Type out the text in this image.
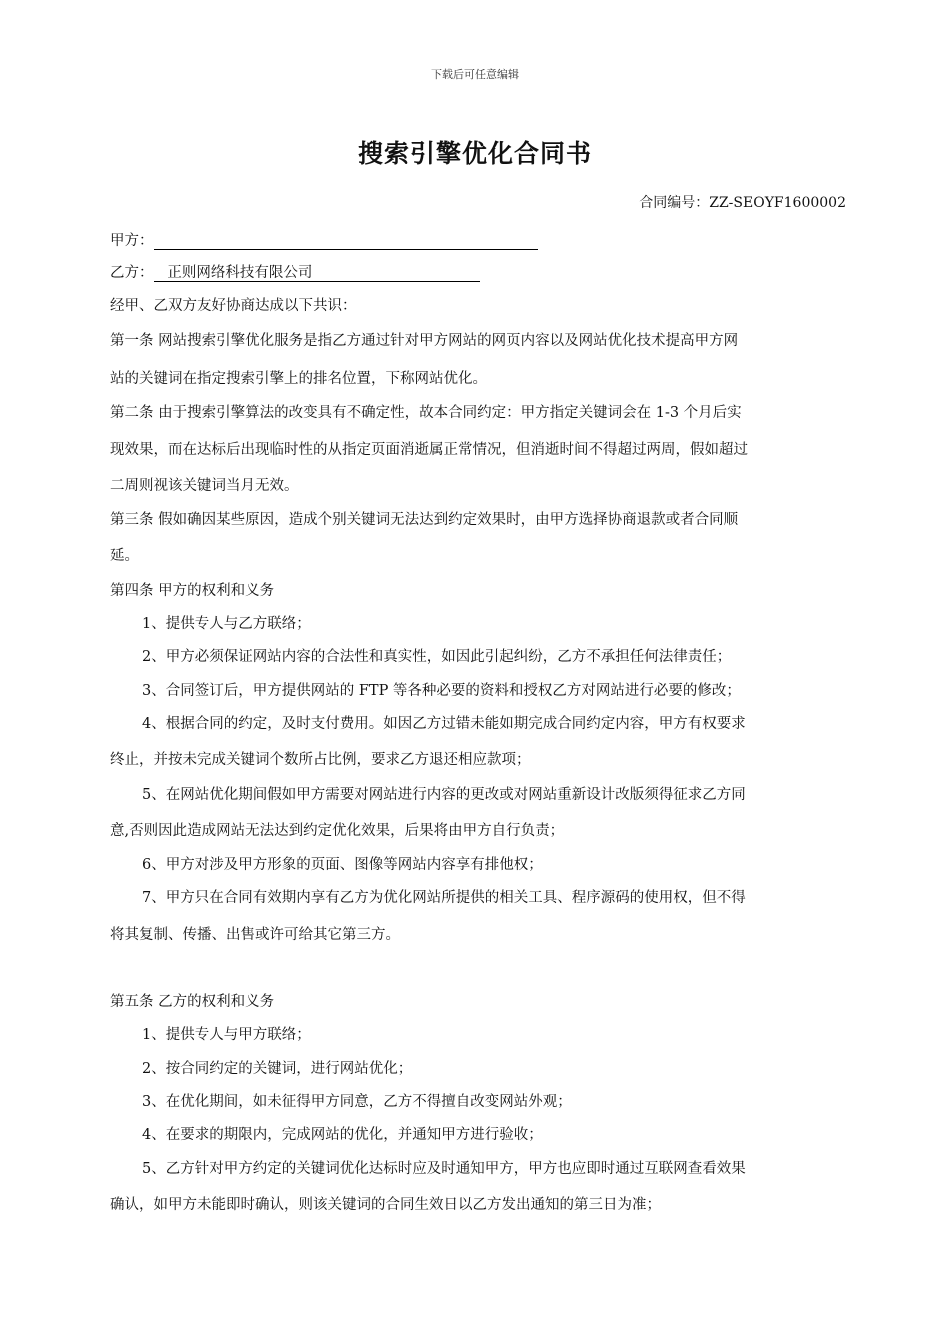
下载后可任意编辑
搜索引擎优化合同书
合同编号：ZZ-SEOYF1600002
甲方：
乙方： 正则网络科技有限公司
经甲、乙双方友好协商达成以下共识：
第一条 网站搜索引擎优化服务是指乙方通过针对甲方网站的网页内容以及网站优化技术提高甲方网
站的关键词在指定搜索引擎上的排名位置，下称网站优化。
第二条 由于搜索引擎算法的改变具有不确定性，故本合同约定：甲方指定关键词会在 1-3 个月后实
现效果，而在达标后出现临时性的从指定页面消逝属正常情况，但消逝时间不得超过两周，假如超过
二周则视该关键词当月无效。
第三条 假如确因某些原因，造成个别关键词无法达到约定效果时，由甲方选择协商退款或者合同顺
延。
第四条 甲方的权利和义务
1、提供专人与乙方联络；
2、甲方必须保证网站内容的合法性和真实性，如因此引起纠纷，乙方不承担任何法律责任；
3、合同签订后，甲方提供网站的 FTP 等各种必要的资料和授权乙方对网站进行必要的修改；
4、根据合同的约定，及时支付费用。如因乙方过错未能如期完成合同约定内容，甲方有权要求
终止，并按未完成关键词个数所占比例，要求乙方退还相应款项；
5、在网站优化期间假如甲方需要对网站进行内容的更改或对网站重新设计改版须得征求乙方同
意,否则因此造成网站无法达到约定优化效果，后果将由甲方自行负责；
6、甲方对涉及甲方形象的页面、图像等网站内容享有排他权；
7、甲方只在合同有效期内享有乙方为优化网站所提供的相关工具、程序源码的使用权，但不得
将其复制、传播、出售或许可给其它第三方。
第五条 乙方的权利和义务
1、提供专人与甲方联络；
2、按合同约定的关键词，进行网站优化；
3、在优化期间，如未征得甲方同意，乙方不得擅自改变网站外观；
4、在要求的期限内，完成网站的优化，并通知甲方进行验收；
5、乙方针对甲方约定的关键词优化达标时应及时通知甲方，甲方也应即时通过互联网查看效果
确认，如甲方未能即时确认，则该关键词的合同生效日以乙方发出通知的第三日为准；
